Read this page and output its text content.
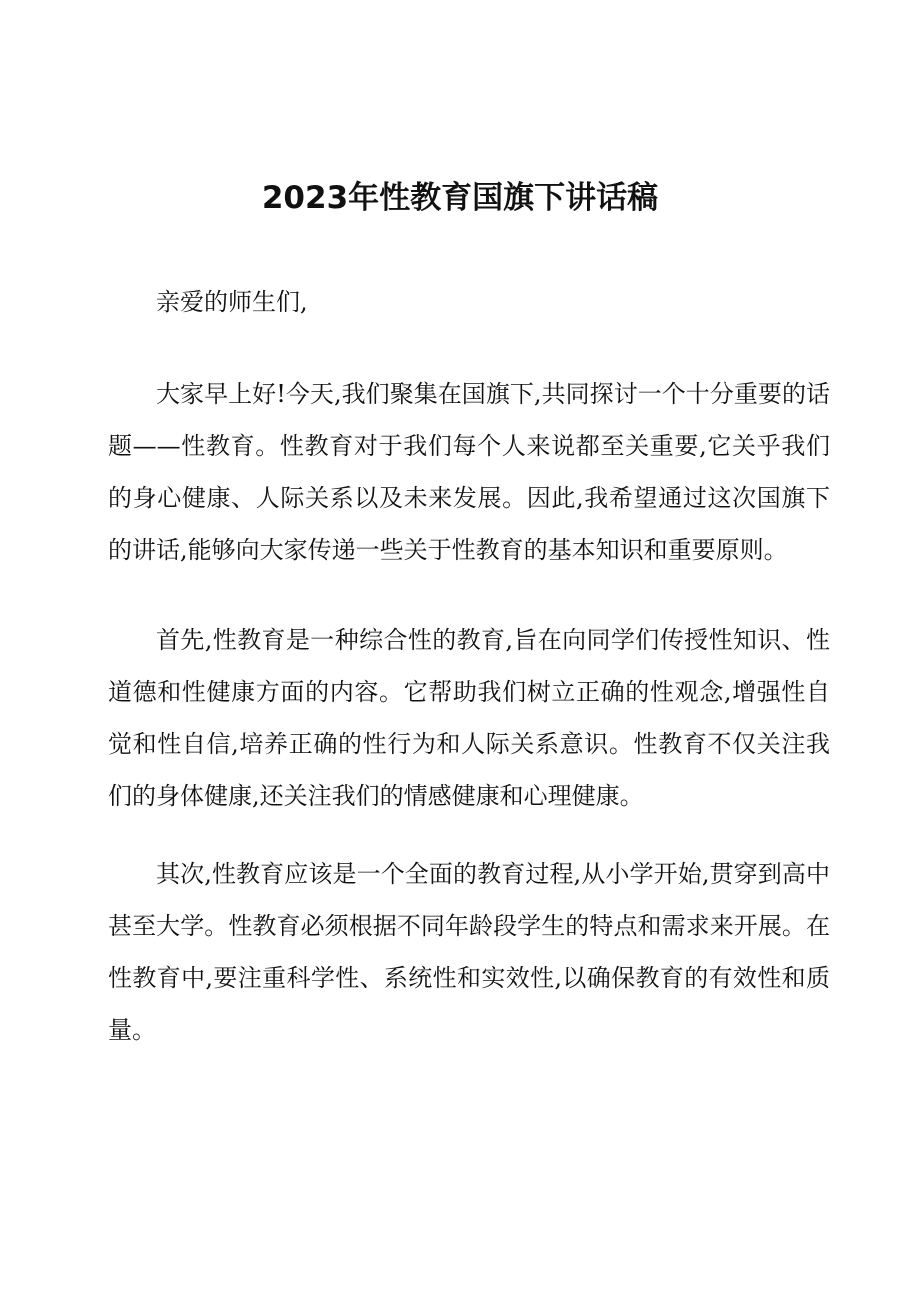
2023年性教育国旗下讲话稿

亲爱的师生们,

大家早上好!今天,我们聚集在国旗下,共同探讨一个十分重要的话题——性教育。性教育对于我们每个人来说都至关重要,它关乎我们的身心健康、人际关系以及未来发展。因此,我希望通过这次国旗下的讲话,能够向大家传递一些关于性教育的基本知识和重要原则。

首先,性教育是一种综合性的教育,旨在向同学们传授性知识、性道德和性健康方面的内容。它帮助我们树立正确的性观念,增强性自觉和性自信,培养正确的性行为和人际关系意识。性教育不仅关注我们的身体健康,还关注我们的情感健康和心理健康。

其次,性教育应该是一个全面的教育过程,从小学开始,贯穿到高中甚至大学。性教育必须根据不同年龄段学生的特点和需求来开展。在性教育中,要注重科学性、系统性和实效性,以确保教育的有效性和质量。
